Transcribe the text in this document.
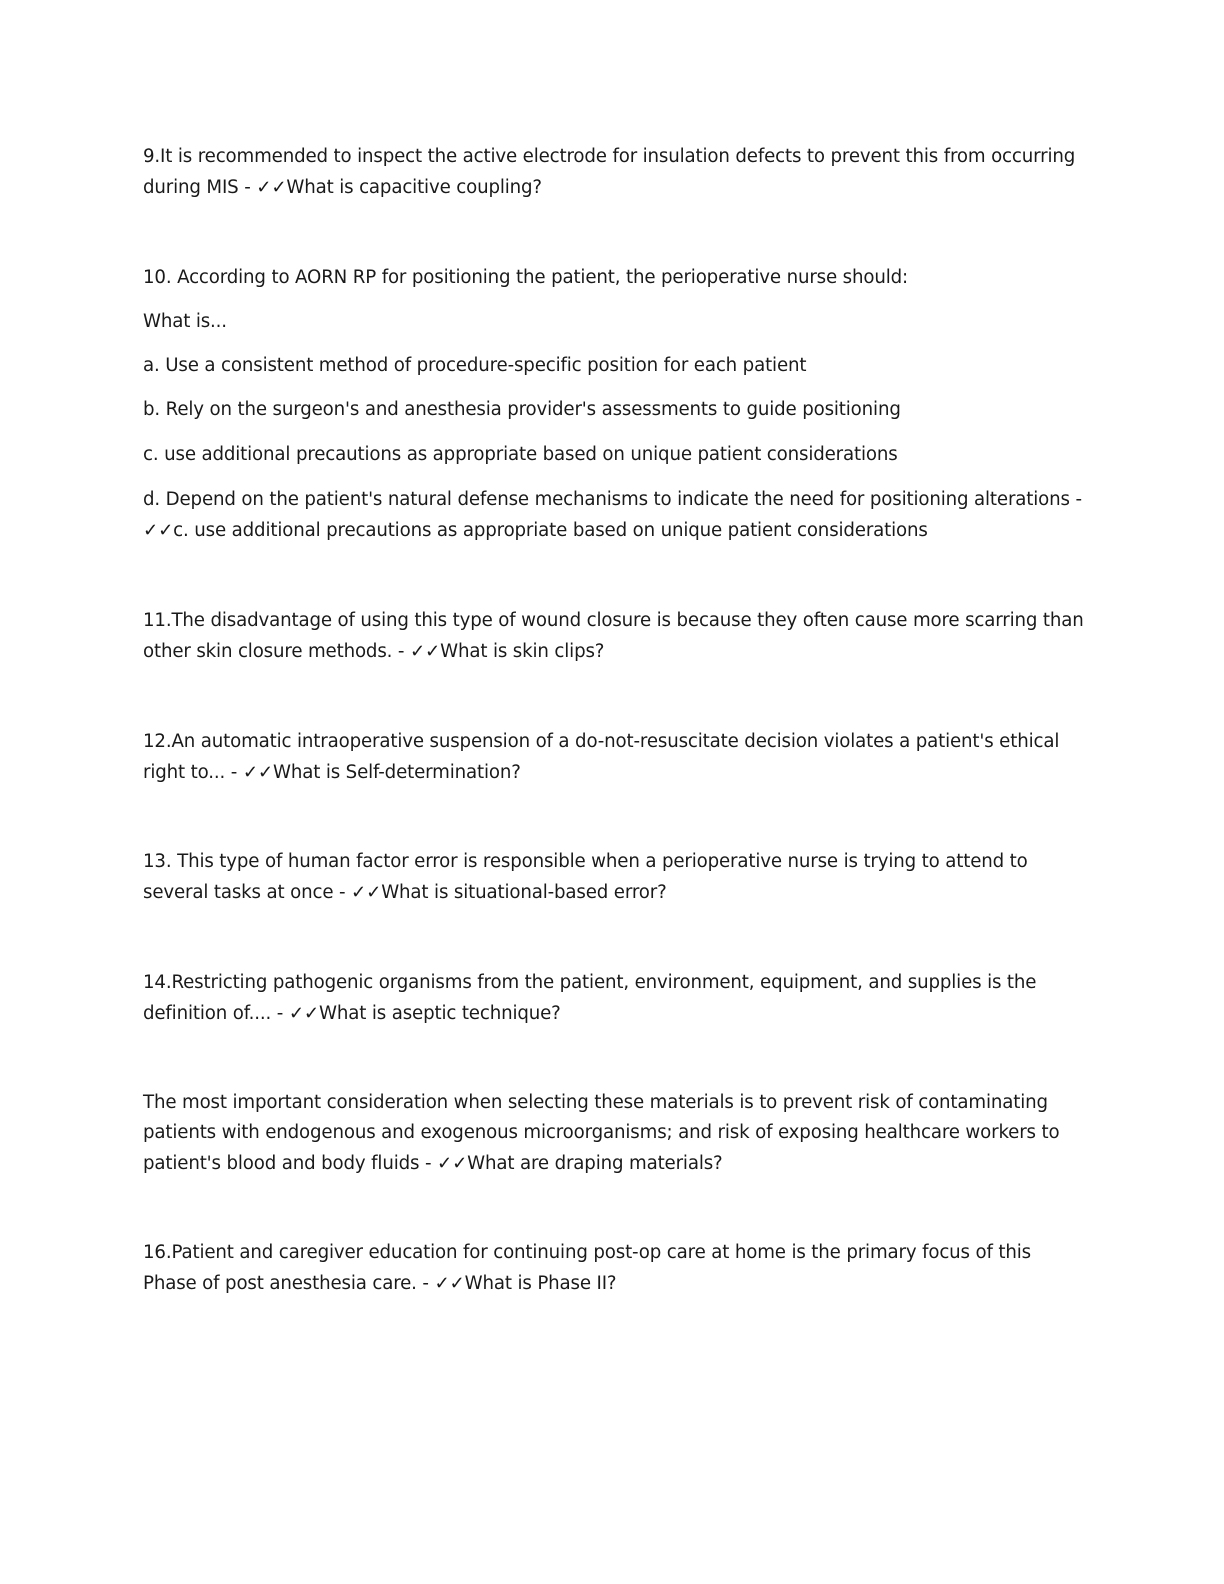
9.It is recommended to inspect the active electrode for insulation defects to prevent this from occurring
during MIS - ✓✓What is capacitive coupling?
10. According to AORN RP for positioning the patient, the perioperative nurse should:
What is...
a. Use a consistent method of procedure-specific position for each patient
b. Rely on the surgeon's and anesthesia provider's assessments to guide positioning
c. use additional precautions as appropriate based on unique patient considerations
d. Depend on the patient's natural defense mechanisms to indicate the need for positioning alterations -
✓✓c. use additional precautions as appropriate based on unique patient considerations
11.The disadvantage of using this type of wound closure is because they often cause more scarring than
other skin closure methods. - ✓✓What is skin clips?
12.An automatic intraoperative suspension of a do-not-resuscitate decision violates a patient's ethical
right to... - ✓✓What is Self-determination?
13. This type of human factor error is responsible when a perioperative nurse is trying to attend to
several tasks at once - ✓✓What is situational-based error?
14.Restricting pathogenic organisms from the patient, environment, equipment, and supplies is the
definition of.... - ✓✓What is aseptic technique?
The most important consideration when selecting these materials is to prevent risk of contaminating
patients with endogenous and exogenous microorganisms; and risk of exposing healthcare workers to
patient's blood and body fluids - ✓✓What are draping materials?
16.Patient and caregiver education for continuing post-op care at home is the primary focus of this
Phase of post anesthesia care. - ✓✓What is Phase II?
